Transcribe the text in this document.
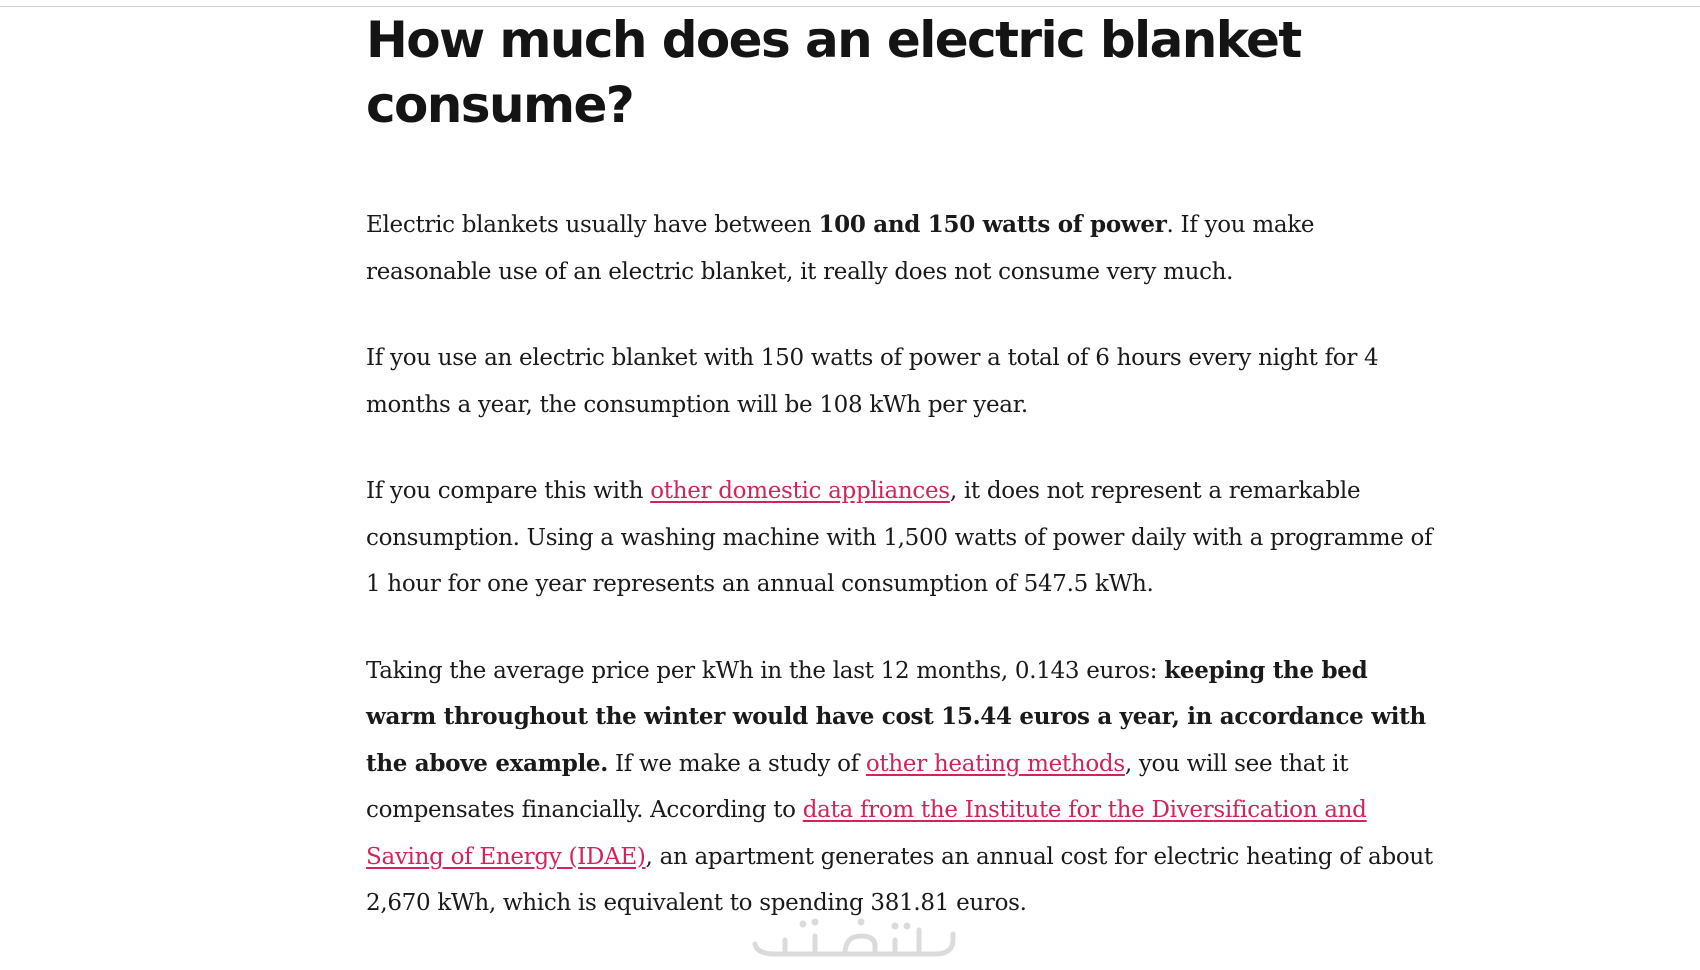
How much does an electric blanket consume?

Electric blankets usually have between 100 and 150 watts of power. If you make reasonable use of an electric blanket, it really does not consume very much.

If you use an electric blanket with 150 watts of power a total of 6 hours every night for 4 months a year, the consumption will be 108 kWh per year.

If you compare this with other domestic appliances, it does not represent a remarkable consumption. Using a washing machine with 1,500 watts of power daily with a programme of 1 hour for one year represents an annual consumption of 547.5 kWh.

Taking the average price per kWh in the last 12 months, 0.143 euros: keeping the bed warm throughout the winter would have cost 15.44 euros a year, in accordance with the above example. If we make a study of other heating methods, you will see that it compensates financially. According to data from the Institute for the Diversification and Saving of Energy (IDAE), an apartment generates an annual cost for electric heating of about 2,670 kWh, which is equivalent to spending 381.81 euros.
